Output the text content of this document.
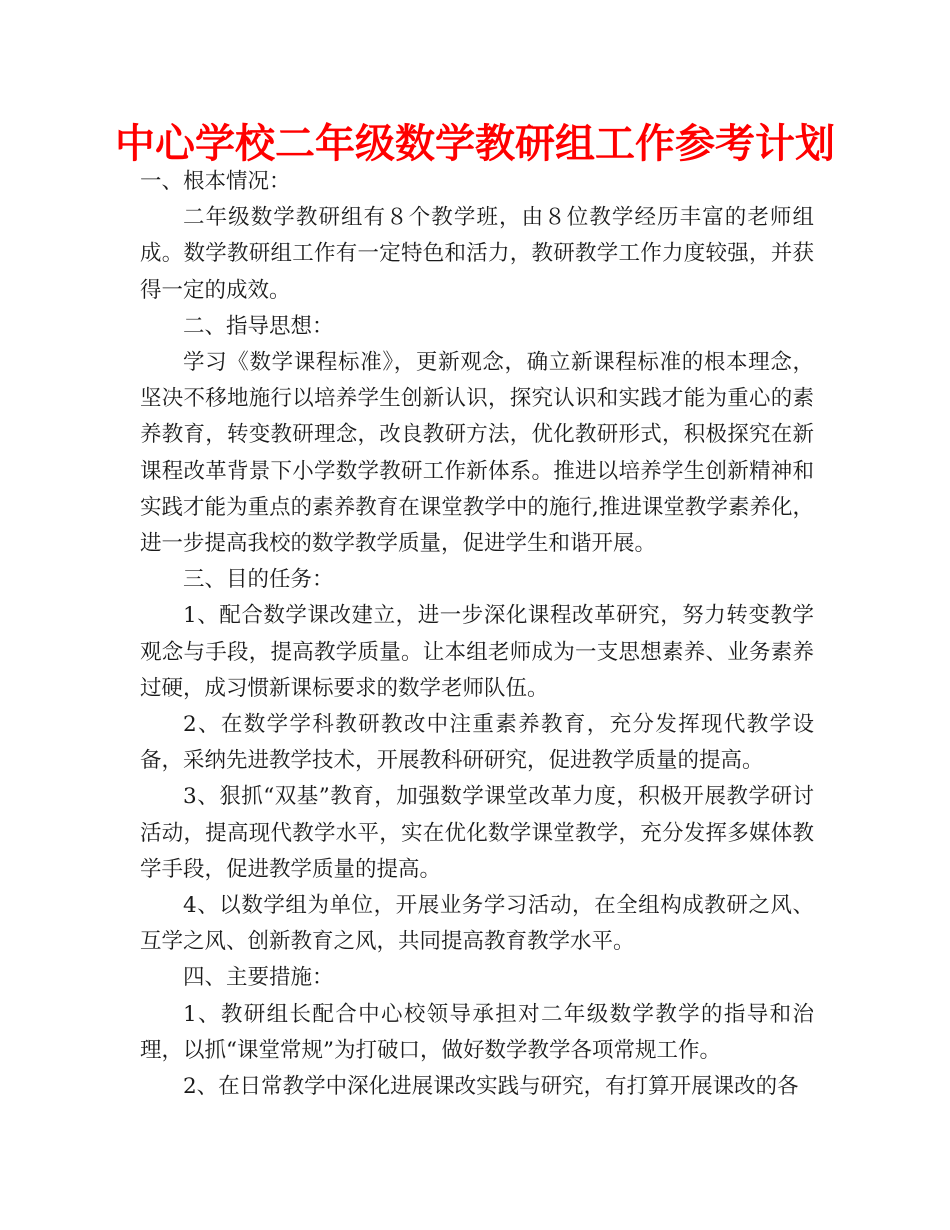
中心学校二年级数学教研组工作参考计划

一、根本情况：

二年级数学教研组有８个教学班，由８位教学经历丰富的老师组成。数学教研组工作有一定特色和活力，教研教学工作力度较强，并获得一定的成效。

二、指导思想：

学习《数学课程标准》，更新观念，确立新课程标准的根本理念，坚决不移地施行以培养学生创新认识，探究认识和实践才能为重心的素养教育，转变教研理念，改良教研方法，优化教研形式，积极探究在新课程改革背景下小学数学教研工作新体系。推进以培养学生创新精神和实践才能为重点的素养教育在课堂教学中的施行,推进课堂教学素养化，进一步提高我校的数学教学质量，促进学生和谐开展。

三、目的任务：

1、配合数学课改建立，进一步深化课程改革研究，努力转变教学观念与手段，提高教学质量。让本组老师成为一支思想素养、业务素养过硬，成习惯新课标要求的数学老师队伍。

2、在数学学科教研教改中注重素养教育，充分发挥现代教学设备，采纳先进教学技术，开展教科研研究，促进教学质量的提高。

3、狠抓“双基”教育，加强数学课堂改革力度，积极开展教学研讨活动，提高现代教学水平，实在优化数学课堂教学，充分发挥多媒体教学手段，促进教学质量的提高。

4、以数学组为单位，开展业务学习活动，在全组构成教研之风、互学之风、创新教育之风，共同提高教育教学水平。

四、主要措施：

1、教研组长配合中心校领导承担对二年级数学教学的指导和治理，以抓“课堂常规”为打破口，做好数学教学各项常规工作。

2、在日常教学中深化进展课改实践与研究，有打算开展课改的各
